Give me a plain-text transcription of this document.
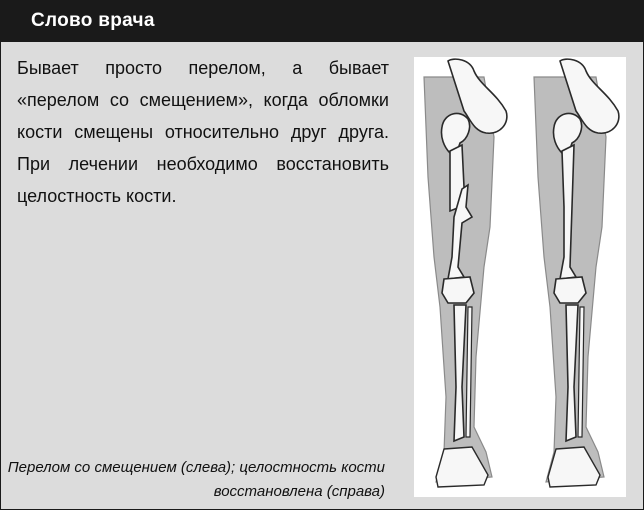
Слово врача
Бывает просто перелом, а бывает «перелом со смещением», когда обломки кости смещены относительно друг друга. При лечении необходимо восстановить целостность кости.
Перелом со смещением (слева); целостность кости
восстановлена (справа)
